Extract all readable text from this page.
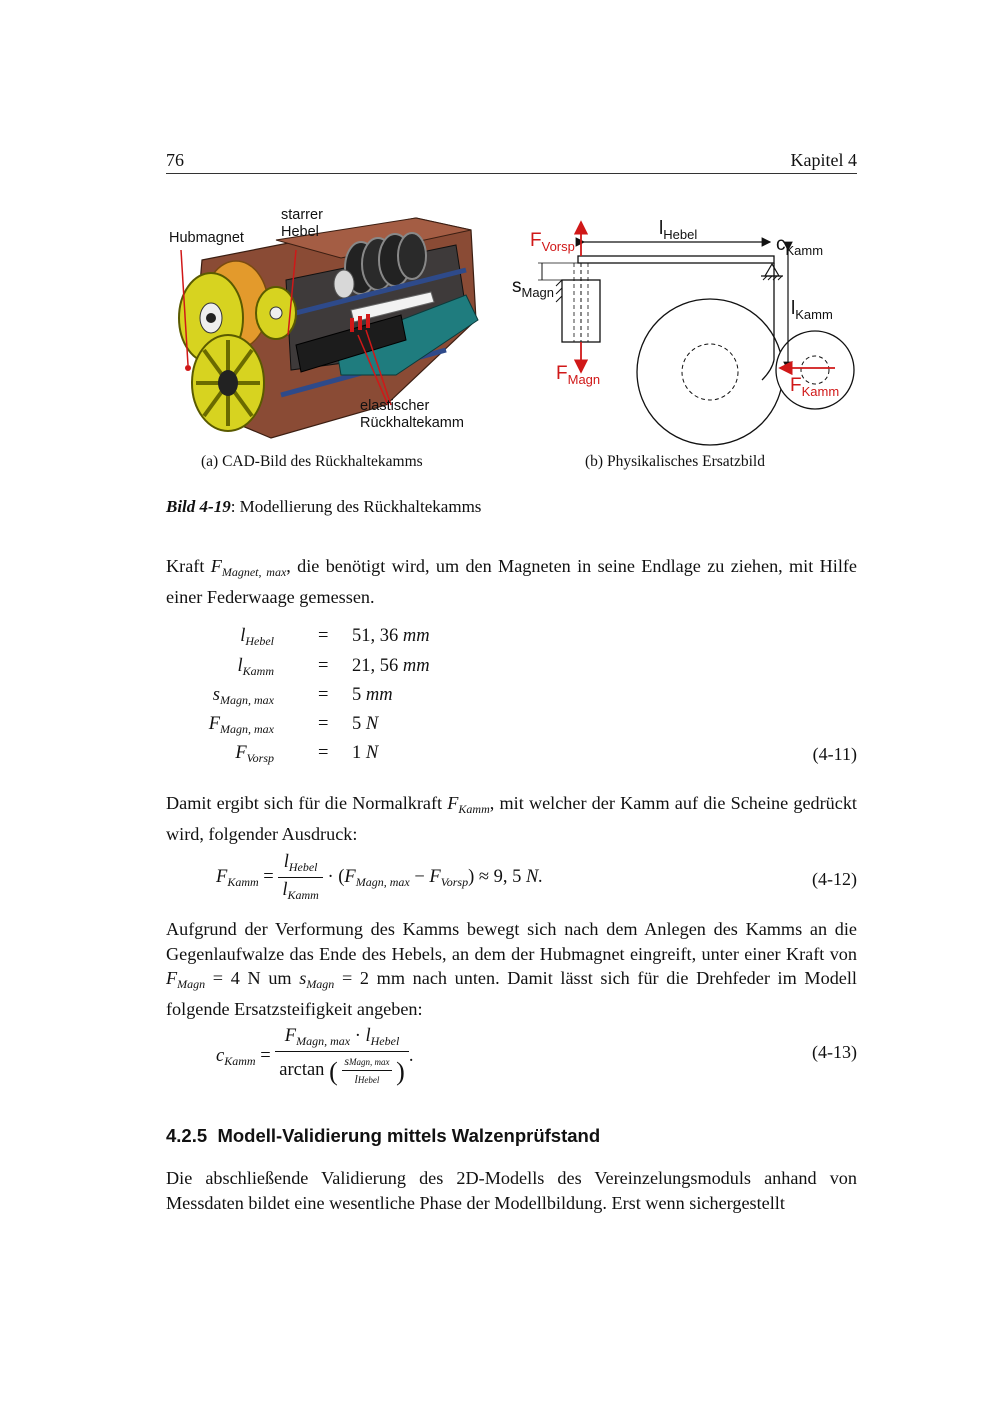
76	Kapitel 4
Hubmagnet
starrer
Hebel
elastischer
Rückhaltekamm
$F_{Vorsp}$
$l_{Hebel}$	$c_{Kamm}$
$s_{Magn}$
$l_{Kamm}$
$F_{Magn}$	$F_{Kamm}$
(a) CAD-Bild des Rückhaltekamms	(b) Physikalisches Ersatzbild
Bild 4-19: Modellierung des Rückhaltekamms
Kraft $F_{Magnet, max}$, die benötigt wird, um den Magneten in seine Endlage zu ziehen, mit Hilfe einer Federwaage gemessen.
$l_{Hebel} = 51$, 36 mm
$l_{Kamm} = 21$, 56 mm
$s_{Magn, max} = 5$ mm
$F_{Magn, max} = 5$ N
$F_{Vorsp} = 1$ N	(4-11)
Damit ergibt sich für die Normalkraft $F_{Kamm}$, mit welcher der Kamm auf die Scheine gedrückt wird, folgender Ausdruck:
$F_{Kamm} = \frac{l_{Hebel}}{l_{Kamm}} \cdot (F_{Magn, max} - F_{Vorsp}) \approx 9$, 5 N.	(4-12)
Aufgrund der Verformung des Kamms bewegt sich nach dem Anlegen des Kamms an die Gegenlaufwalze das Ende des Hebels, an dem der Hubmagnet eingreift, unter einer Kraft von $F_{Magn} = 4$ N um $s_{Magn} = 2$ mm nach unten. Damit lässt sich für die Drehfeder im Modell folgende Ersatzsteifigkeit angeben:
$c_{Kamm}$ =
$F_{Magn, max} \cdot l_{Hebel}$
arctan ( $\frac{\text{sMagn, max}}{\text{lHebel}}$ )
.	(4-13)
4.2.5 Modell-Validierung mittels Walzenprüfstand
Die abschließende Validierung des 2D-Modells des Vereinzelungsmoduls anhand von Messdaten bildet eine wesentliche Phase der Modellbildung. Erst wenn sichergestellt
